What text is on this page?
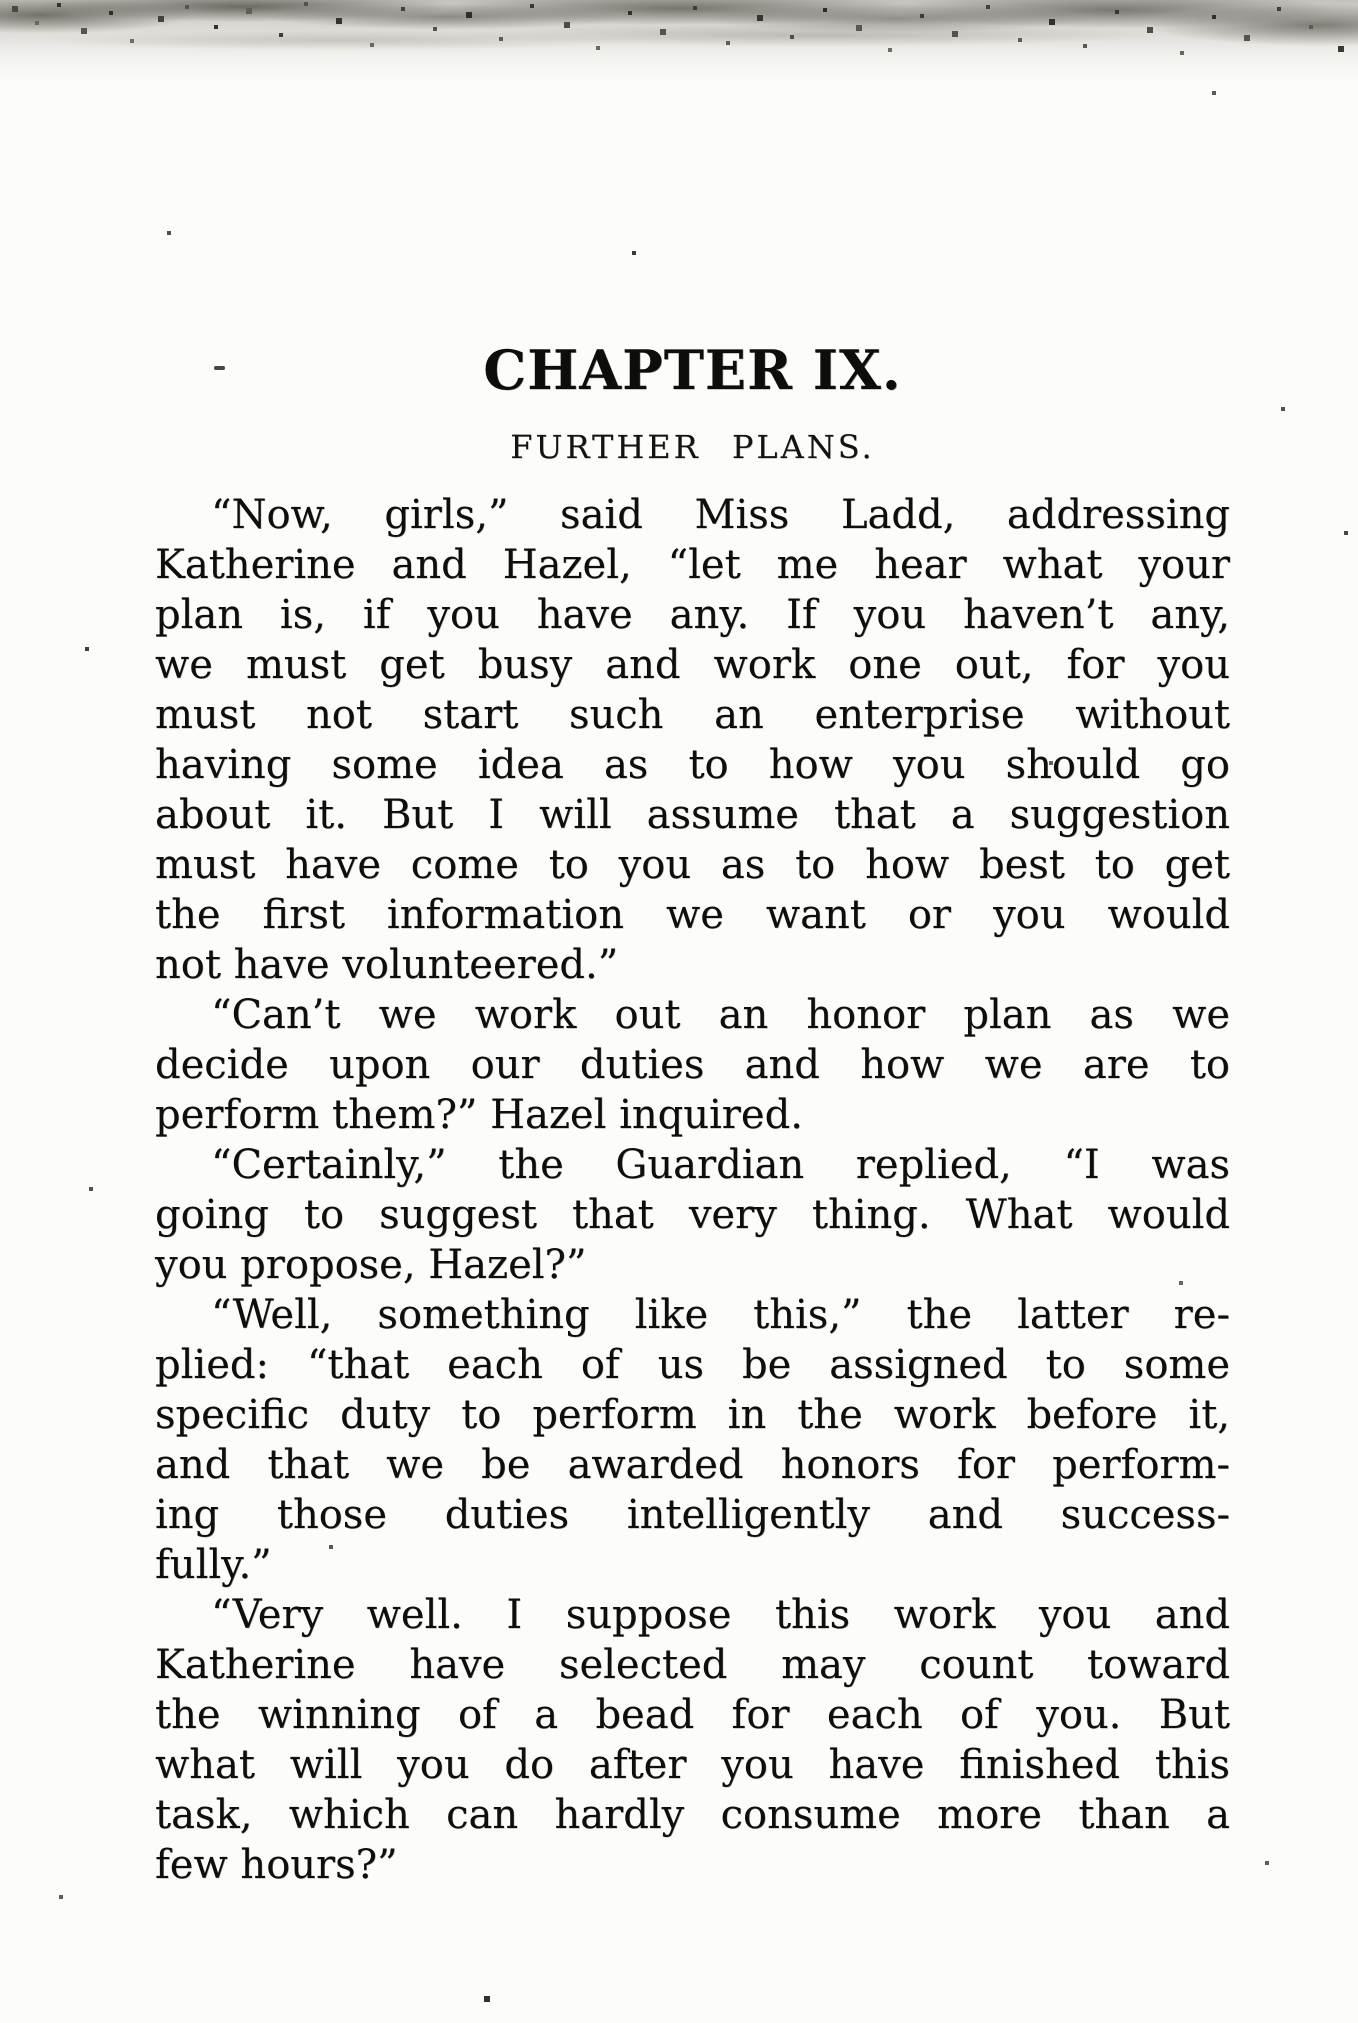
CHAPTER IX.
FURTHER PLANS.
“Now, girls,” said Miss Ladd, addressing
Katherine and Hazel, “let me hear what your
plan is, if you have any. If you haven’t any,
we must get busy and work one out, for you
must not start such an enterprise without
having some idea as to how you should go
about it. But I will assume that a suggestion
must have come to you as to how best to get
the first information we want or you would
not have volunteered.”
“Can’t we work out an honor plan as we
decide upon our duties and how we are to
perform them?” Hazel inquired.
“Certainly,” the Guardian replied, “I was
going to suggest that very thing. What would
you propose, Hazel?”
“Well, something like this,” the latter re-
plied: “that each of us be assigned to some
specific duty to perform in the work before it,
and that we be awarded honors for perform-
ing those duties intelligently and success-
fully.”
“Very well. I suppose this work you and
Katherine have selected may count toward
the winning of a bead for each of you. But
what will you do after you have finished this
task, which can hardly consume more than a
few hours?”
